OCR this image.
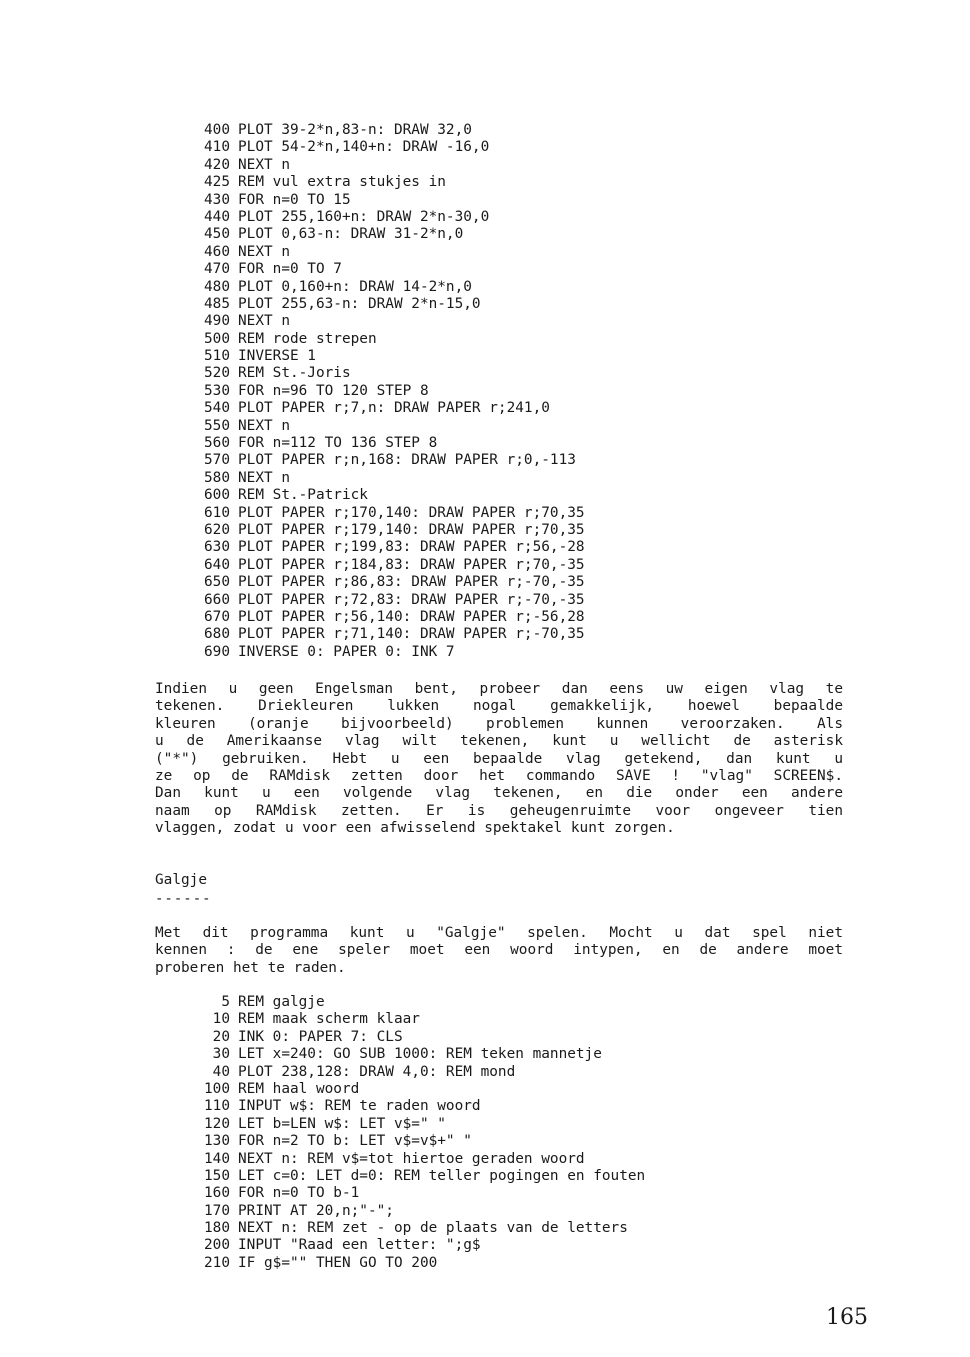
400 PLOT 39-2*n,83-n: DRAW 32,0
410 PLOT 54-2*n,140+n: DRAW -16,0
420 NEXT n
425 REM vul extra stukjes in
430 FOR n=0 TO 15
440 PLOT 255,160+n: DRAW 2*n-30,0
450 PLOT 0,63-n: DRAW 31-2*n,0
460 NEXT n
470 FOR n=0 TO 7
480 PLOT 0,160+n: DRAW 14-2*n,0
485 PLOT 255,63-n: DRAW 2*n-15,0
490 NEXT n
500 REM rode strepen
510 INVERSE 1
520 REM St.-Joris
530 FOR n=96 TO 120 STEP 8
540 PLOT PAPER r;7,n: DRAW PAPER r;241,0
550 NEXT n
560 FOR n=112 TO 136 STEP 8
570 PLOT PAPER r;n,168: DRAW PAPER r;0,-113
580 NEXT n
600 REM St.-Patrick
610 PLOT PAPER r;170,140: DRAW PAPER r;70,35
620 PLOT PAPER r;179,140: DRAW PAPER r;70,35
630 PLOT PAPER r;199,83: DRAW PAPER r;56,-28
640 PLOT PAPER r;184,83: DRAW PAPER r;70,-35
650 PLOT PAPER r;86,83: DRAW PAPER r;-70,-35
660 PLOT PAPER r;72,83: DRAW PAPER r;-70,-35
670 PLOT PAPER r;56,140: DRAW PAPER r;-56,28
680 PLOT PAPER r;71,140: DRAW PAPER r;-70,35
690 INVERSE 0: PAPER 0: INK 7

Indien u geen Engelsman bent, probeer dan eens uw eigen vlag te
tekenen. Driekleuren lukken nogal gemakkelijk, hoewel bepaalde
kleuren (oranje bijvoorbeeld) problemen kunnen veroorzaken. Als
u de Amerikaanse vlag wilt tekenen, kunt u wellicht de asterisk
("*") gebruiken. Hebt u een bepaalde vlag getekend, dan kunt u
ze op de RAMdisk zetten door het commando SAVE ! "vlag" SCREEN$.
Dan kunt u een volgende vlag tekenen, en die onder een andere
naam op RAMdisk zetten. Er is geheugenruimte voor ongeveer tien
vlaggen, zodat u voor een afwisselend spektakel kunt zorgen.

Galgje

------

Met dit programma kunt u "Galgje" spelen. Mocht u dat spel niet
kennen : de ene speler moet een woord intypen, en de andere moet
proberen het te raden.

5 REM galgje
10 REM maak scherm klaar
20 INK 0: PAPER 7: CLS
30 LET x=240: GO SUB 1000: REM teken mannetje
40 PLOT 238,128: DRAW 4,0: REM mond
100 REM haal woord
110 INPUT w$: REM te raden woord
120 LET b=LEN w$: LET v$=" "
130 FOR n=2 TO b: LET v$=v$+" "
140 NEXT n: REM v$=tot hiertoe geraden woord
150 LET c=0: LET d=0: REM teller pogingen en fouten
160 FOR n=0 TO b-1
170 PRINT AT 20,n;"-";
180 NEXT n: REM zet - op de plaats van de letters
200 INPUT "Raad een letter: ";g$
210 IF g$="" THEN GO TO 200
165
